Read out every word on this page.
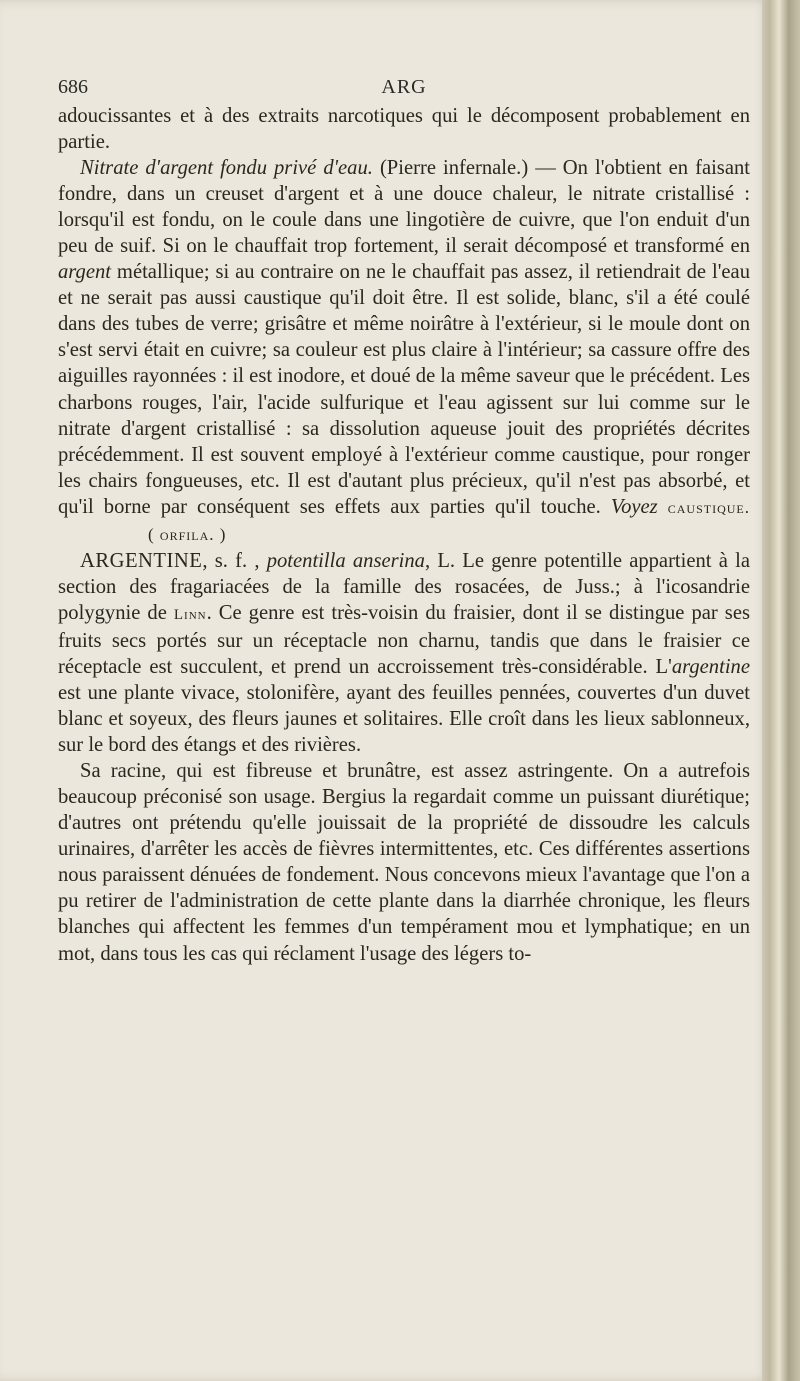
686	ARG

adoucissantes et à des extraits narcotiques qui le décomposent probablement en partie.

Nitrate d'argent fondu privé d'eau. (Pierre infernale.) — On l'obtient en faisant fondre, dans un creuset d'argent et à une douce chaleur, le nitrate cristallisé : lorsqu'il est fondu, on le coule dans une lingotière de cuivre, que l'on enduit d'un peu de suif. Si on le chauffait trop fortement, il serait décomposé et transformé en argent métallique; si au contraire on ne le chauffait pas assez, il retiendrait de l'eau et ne serait pas aussi caustique qu'il doit être. Il est solide, blanc, s'il a été coulé dans des tubes de verre; grisâtre et même noirâtre à l'extérieur, si le moule dont on s'est servi était en cuivre; sa couleur est plus claire à l'intérieur; sa cassure offre des aiguilles rayonnées : il est inodore, et doué de la même saveur que le précédent. Les charbons rouges, l'air, l'acide sulfurique et l'eau agissent sur lui comme sur le nitrate d'argent cristallisé : sa dissolution aqueuse jouit des propriétés décrites précédemment. Il est souvent employé à l'extérieur comme caustique, pour ronger les chairs fongueuses, etc. Il est d'autant plus précieux, qu'il n'est pas absorbé, et qu'il borne par conséquent ses effets aux parties qu'il touche. Voyez caustique.( orfila. )

ARGENTINE, s. f. , potentilla anserina, L. Le genre potentille appartient à la section des fragariacées de la famille des rosacées, de Juss.; à l'icosandrie polygynie de Linn. Ce genre est très-voisin du fraisier, dont il se distingue par ses fruits secs portés sur un réceptacle non charnu, tandis que dans le fraisier ce réceptacle est succulent, et prend un accroissement très-considérable. L'argentine est une plante vivace, stolonifère, ayant des feuilles pennées, couvertes d'un duvet blanc et soyeux, des fleurs jaunes et solitaires. Elle croît dans les lieux sablonneux, sur le bord des étangs et des rivières.

Sa racine, qui est fibreuse et brunâtre, est assez astringente. On a autrefois beaucoup préconisé son usage. Bergius la regardait comme un puissant diurétique; d'autres ont prétendu qu'elle jouissait de la propriété de dissoudre les calculs urinaires, d'arrêter les accès de fièvres intermittentes, etc. Ces différentes assertions nous paraissent dénuées de fondement. Nous concevons mieux l'avantage que l'on a pu retirer de l'administration de cette plante dans la diarrhée chronique, les fleurs blanches qui affectent les femmes d'un tempérament mou et lymphatique; en un mot, dans tous les cas qui réclament l'usage des légers to-
